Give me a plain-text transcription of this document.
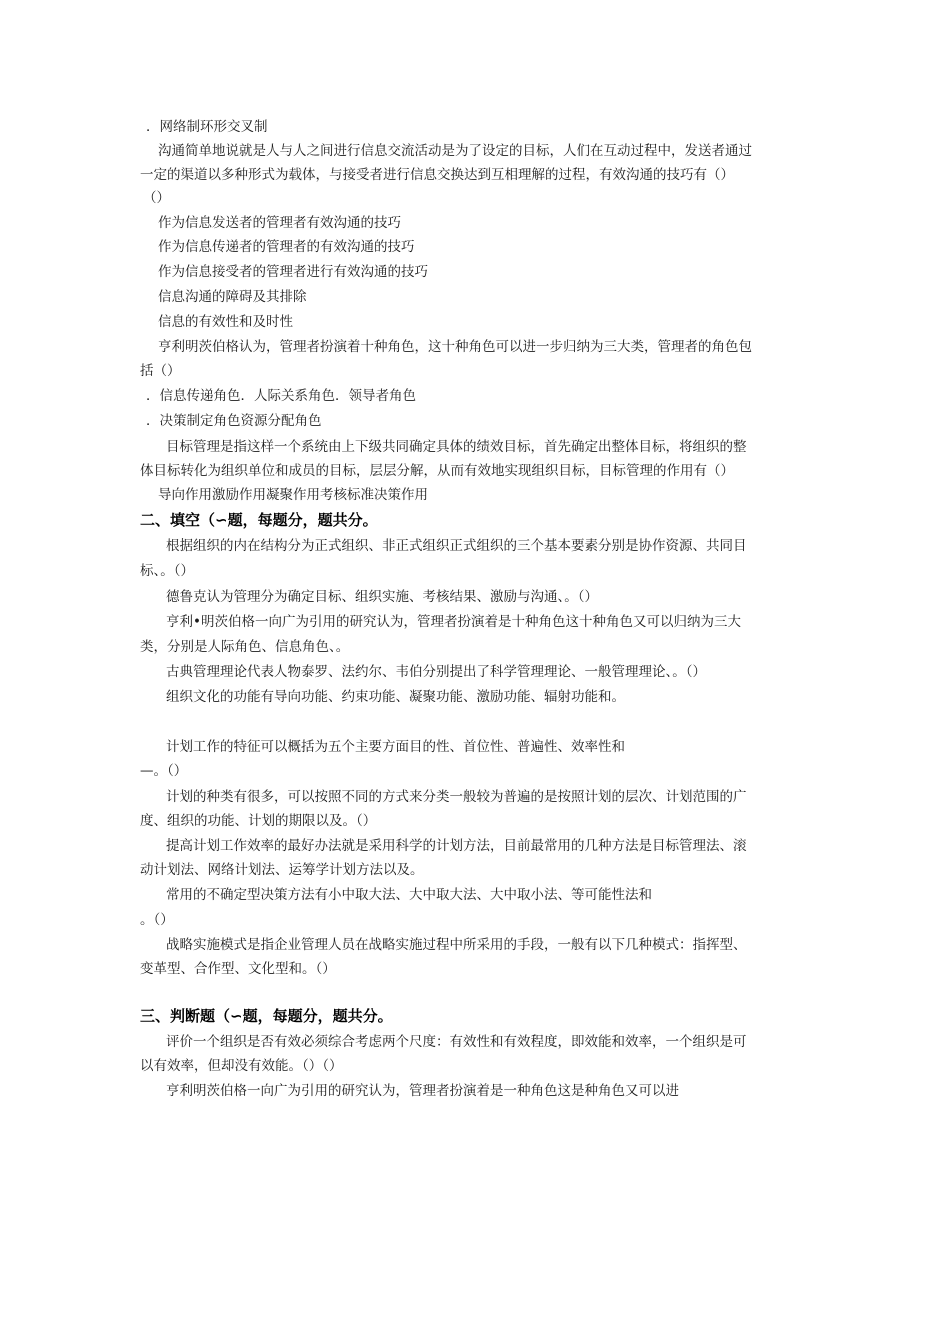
．网络制环形交叉制
沟通简单地说就是人与人之间进行信息交流活动是为了设定的目标，人们在互动过程中，发送者通过
一定的渠道以多种形式为载体，与接受者进行信息交换达到互相理解的过程，有效沟通的技巧有（）
（）
作为信息发送者的管理者有效沟通的技巧
作为信息传递者的管理者的有效沟通的技巧
作为信息接受者的管理者进行有效沟通的技巧
信息沟通的障碍及其排除
信息的有效性和及时性
亨利明茨伯格认为，管理者扮演着十种角色，这十种角色可以进一步归纳为三大类，管理者的角色包
括（）
．信息传递角色．人际关系角色．领导者角色
．决策制定角色资源分配角色
目标管理是指这样一个系统由上下级共同确定具体的绩效目标，首先确定出整体目标，将组织的整
体目标转化为组织单位和成员的目标，层层分解，从而有效地实现组织目标，目标管理的作用有（）
导向作用激励作用凝聚作用考核标准决策作用
二、填空（∽题，每题分，题共分。
根据组织的内在结构分为正式组织、非正式组织正式组织的三个基本要素分别是协作资源、共同目
标、。（）
德鲁克认为管理分为确定目标、组织实施、考核结果、激励与沟通、。（）
亨利•明茨伯格一向广为引用的研究认为，管理者扮演着是十种角色这十种角色又可以归纳为三大
类，分别是人际角色、信息角色、。
古典管理理论代表人物泰罗、法约尔、韦伯分别提出了科学管理理论、一般管理理论、。（）
组织文化的功能有导向功能、约束功能、凝聚功能、激励功能、辐射功能和。
计划工作的特征可以概括为五个主要方面目的性、首位性、普遍性、效率性和
—。（）
计划的种类有很多，可以按照不同的方式来分类一般较为普遍的是按照计划的层次、计划范围的广
度、组织的功能、计划的期限以及。（）
提高计划工作效率的最好办法就是采用科学的计划方法，目前最常用的几种方法是目标管理法、滚
动计划法、网络计划法、运筹学计划方法以及。
常用的不确定型决策方法有小中取大法、大中取大法、大中取小法、等可能性法和
。（）
战略实施模式是指企业管理人员在战略实施过程中所采用的手段，一般有以下几种模式：指挥型、
变革型、合作型、文化型和。（）
三、判断题（∽题，每题分，题共分。
评价一个组织是否有效必须综合考虑两个尺度：有效性和有效程度，即效能和效率，一个组织是可
以有效率，但却没有效能。（）（）
亨利明茨伯格一向广为引用的研究认为，管理者扮演着是一种角色这是种角色又可以进
